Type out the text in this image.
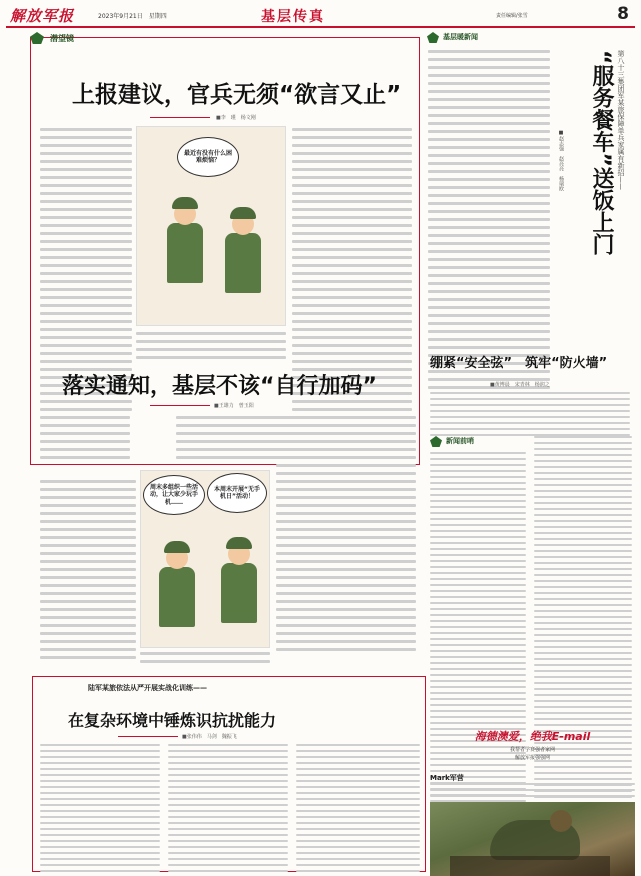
解放军报	2023年9月21日　星期四	基层传真	责任编辑/张雪	8
潜望镜
上报建议，官兵无须“欲言又止”
■李　瑾　杨文刚
最近有没有什么困难烦恼？
落实通知，基层不该“自行加码”
■王雄力　曾玉阳
周末多组织一些活动，让大家少玩手机……
本周末开展“无手机日”活动！
基层暖新闻
“服务餐车”送饭上门 第八十三集团军某旅保障单兵家属有新招——
■赵志强　赵亮亮　杨瑞欧
绷紧“安全弦”　筑牢“防火墙”
■黄博晨　宋青林　杨润之
新闻前哨
海德澳爱，绝我E-mail
我帮者学赛强者家网
解放军报强强网
Mark军营
陆军某旅依法从严开展实战化训练——
在复杂环境中锤炼识抗扰能力
■张伟伟　马剑　魏振飞
